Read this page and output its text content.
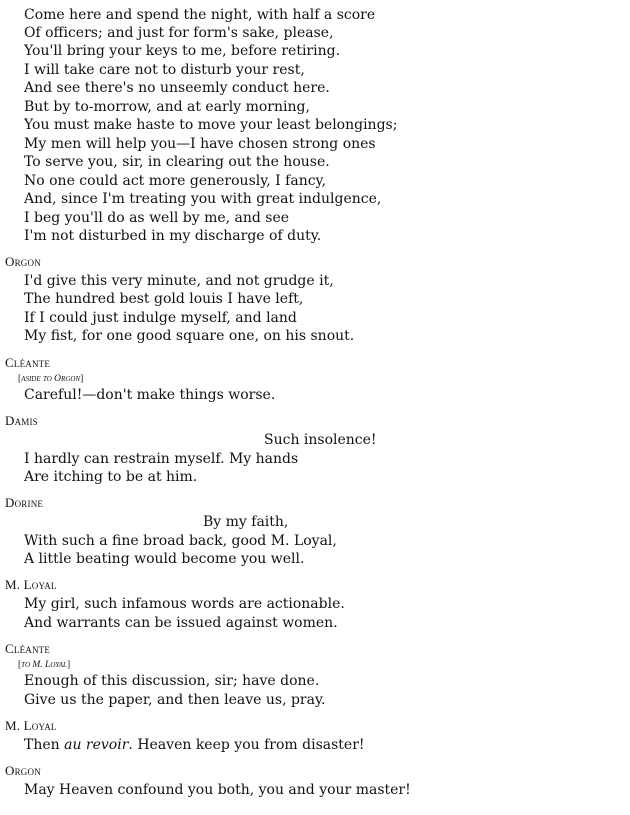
Come here and spend the night, with half a score
Of officers; and just for form's sake, please,
You'll bring your keys to me, before retiring.
I will take care not to disturb your rest,
And see there's no unseemly conduct here.
But by to-morrow, and at early morning,
You must make haste to move your least belongings;
My men will help you—I have chosen strong ones
To serve you, sir, in clearing out the house.
No one could act more generously, I fancy,
And, since I'm treating you with great indulgence,
I beg you'll do as well by me, and see
I'm not disturbed in my discharge of duty.
Orgon
I'd give this very minute, and not grudge it,
The hundred best gold louis I have left,
If I could just indulge myself, and land
My fist, for one good square one, on his snout.
Cléante
[aside to Orgon]
Careful!—don't make things worse.
Damis
Such insolence!
I hardly can restrain myself. My hands
Are itching to be at him.
Dorine
By my faith,
With such a fine broad back, good M. Loyal,
A little beating would become you well.
M. Loyal
My girl, such infamous words are actionable.
And warrants can be issued against women.
Cléante
[to M. Loyal]
Enough of this discussion, sir; have done.
Give us the paper, and then leave us, pray.
M. Loyal
Then au revoir. Heaven keep you from disaster!
Orgon
May Heaven confound you both, you and your master!
